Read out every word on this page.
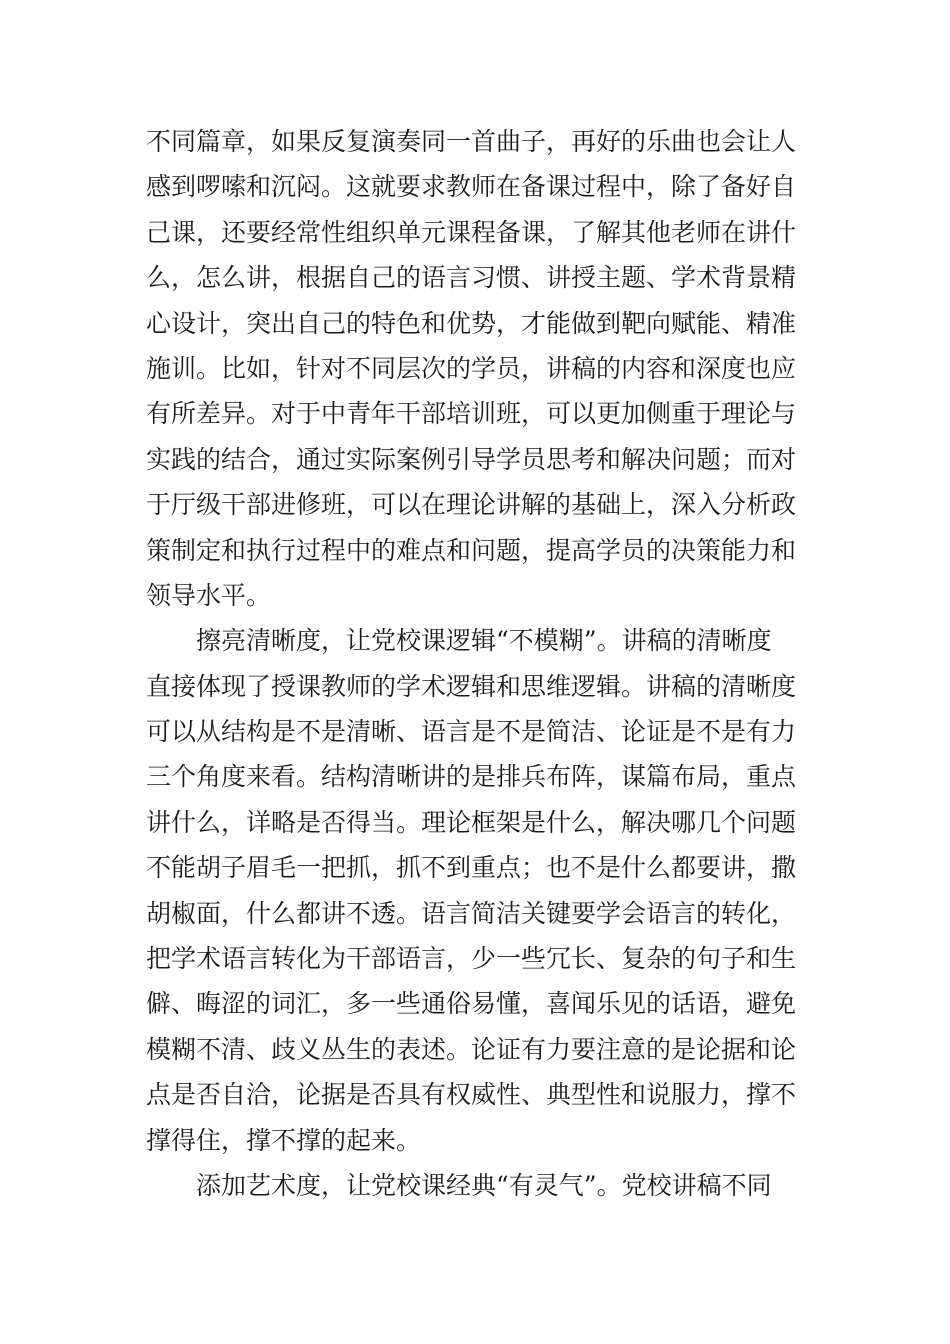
不同篇章，如果反复演奏同一首曲子，再好的乐曲也会让人
感到啰嗦和沉闷。这就要求教师在备课过程中，除了备好自
己课，还要经常性组织单元课程备课，了解其他老师在讲什
么，怎么讲，根据自己的语言习惯、讲授主题、学术背景精
心设计，突出自己的特色和优势，才能做到靶向赋能、精准
施训。比如，针对不同层次的学员，讲稿的内容和深度也应
有所差异。对于中青年干部培训班，可以更加侧重于理论与
实践的结合，通过实际案例引导学员思考和解决问题；而对
于厅级干部进修班，可以在理论讲解的基础上，深入分析政
策制定和执行过程中的难点和问题，提高学员的决策能力和
领导水平。
擦亮清晰度，让党校课逻辑“不模糊”。讲稿的清晰度
直接体现了授课教师的学术逻辑和思维逻辑。讲稿的清晰度
可以从结构是不是清晰、语言是不是简洁、论证是不是有力
三个角度来看。结构清晰讲的是排兵布阵，谋篇布局，重点
讲什么，详略是否得当。理论框架是什么，解决哪几个问题
不能胡子眉毛一把抓，抓不到重点；也不是什么都要讲，撒
胡椒面，什么都讲不透。语言简洁关键要学会语言的转化，
把学术语言转化为干部语言，少一些冗长、复杂的句子和生
僻、晦涩的词汇，多一些通俗易懂，喜闻乐见的话语，避免
模糊不清、歧义丛生的表述。论证有力要注意的是论据和论
点是否自洽，论据是否具有权威性、典型性和说服力，撑不
撑得住，撑不撑的起来。
添加艺术度，让党校课经典“有灵气”。党校讲稿不同
